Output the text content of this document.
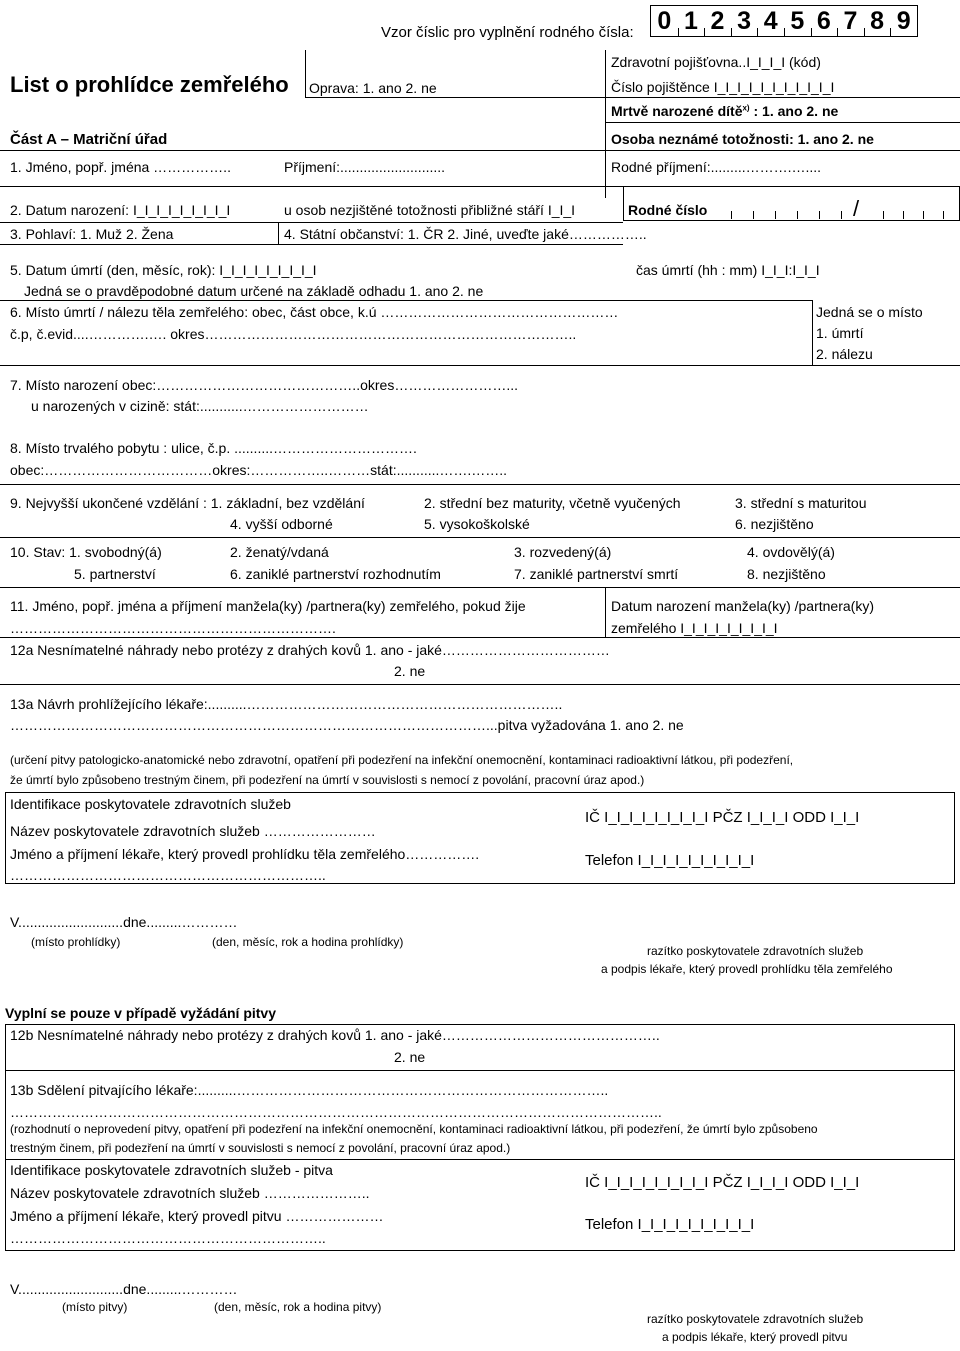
Vzor číslic pro vyplnění rodného čísla: 0 1 2 3 4 5 6 7 8 9
Zdravotní pojišťovna..I_I_I_I (kód)
List o prohlídce zemřelého Oprava: 1. ano 2. ne	Číslo pojištěnce I_I_I_I_I_I_I_I_I_I_I
Mrtvě narozené dítě$^{x)}$ : 1. ano 2. ne
Část A – Matriční úřad	Osoba neznámé totožnosti: 1. ano 2. ne
1. Jméno, popř. jména ……………..	Příjmení:...........................	Rodné příjmení:.........……….…....
2. Datum narození: I_I_I_I_I_I_I_I_I	u osob nezjištěné totožnosti přibližné stáří I_I_I	Rodné číslo	/
3. Pohlaví: 1. Muž 2. Žena	4. Státní občanství: 1. ČR 2. Jiné, uveďte jaké……………..
5. Datum úmrtí (den, měsíc, rok): I_I_I_I_I_I_I_I_I	čas úmrtí (hh : mm) I_I_I:I_I_I
Jedná se o pravděpodobné datum určené na základě odhadu 1. ano 2. ne
6. Místo úmrtí / nálezu těla zemřelého: obec, část obce, k.ú ……………………………………………
č.p, č.evid....………….…. okres……………………………………………………………………..
Jedná se o místo
1. úmrtí
2. nálezu
7. Místo narození obec:……………………………………..okres……………………...
u narozených v cizině: stát:...........………………………
8. Místo trvalého pobytu : ulice, č.p. ..........………………………….
obec:………………………………okres:……………..………stát:...........…….……..
9. Nejvyšší ukončené vzdělání : 1. základní, bez vzdělání	2. střední bez maturity, včetně vyučených	3. střední s maturitou
4. vyšší odborné	5. vysokoškolské	6. nezjištěno
10. Stav: 1. svobodný(á)	2. ženatý/vdaná	3. rozvedený(á)	4. ovdovělý(á)
5. partnerství	6. zaniklé partnerství rozhodnutím	7. zaniklé partnerství smrtí	8. nezjištěno
11. Jméno, popř. jména a příjmení manžela(ky) /partnera(ky) zemřelého, pokud žije
…………………………………………………………….
Datum narození manžela(ky) /partnera(ky)
zemřelého I_I_I_I_I_I_I_I_I
12a Nesnímatelné náhrady nebo protézy z drahých kovů 1. ano - jaké………………………………
2. ne
13a Návrh prohlížejícího lékaře:..........…………………………………………………………..
…………………………………………………………………………………………...pitva vyžadována 1. ano 2. ne
(určení pitvy patologicko-anatomické nebo zdravotní, opatření při podezření na infekční onemocnění, kontaminaci radioaktivní látkou, při podezření,
že úmrtí bylo způsobeno trestným činem, při podezření na úmrtí v souvislosti s nemocí z povolání, pracovní úraz apod.)
Identifikace poskytovatele zdravotních služeb
Název poskytovatele zdravotních služeb ……………………
Jméno a příjmení lékaře, který provedl prohlídku těla zemřelého…………….
…………………………………………………………..
IČ I_I_I_I_I_I_I_I_I PČZ I_I_I_I ODD I_I_I
Telefon I_I_I_I_I_I_I_I_I_I
V...........................dne.........…………
(místo prohlídky)	(den, měsíc, rok a hodina prohlídky)
razítko poskytovatele zdravotních služeb
a podpis lékaře, který provedl prohlídku těla zemřelého
Vyplní se pouze v případě vyžádání pitvy
12b Nesnímatelné náhrady nebo protézy z drahých kovů 1. ano - jaké………………………………………..
2. ne
13b Sdělení pitvajícího lékaře:..........……………………………………………………………………..
…………………………………………………………………………………………………………………………..
(rozhodnutí o neprovedení pitvy, opatření při podezření na infekční onemocnění, kontaminaci radioaktivní látkou, při podezření, že úmrtí bylo způsobeno
trestným činem, při podezření na úmrtí v souvislosti s nemocí z povolání, pracovní úraz apod.)
Identifikace poskytovatele zdravotních služeb - pitva
Název poskytovatele zdravotních služeb …………………..
Jméno a příjmení lékaře, který provedl pitvu …………………
…………………………………………………………..
IČ I_I_I_I_I_I_I_I_I PČZ I_I_I_I ODD I_I_I
Telefon I_I_I_I_I_I_I_I_I_I
V...........................dne.........…………
(místo pitvy)	(den, měsíc, rok a hodina pitvy)
razítko poskytovatele zdravotních služeb
a podpis lékaře, který provedl pitvu
